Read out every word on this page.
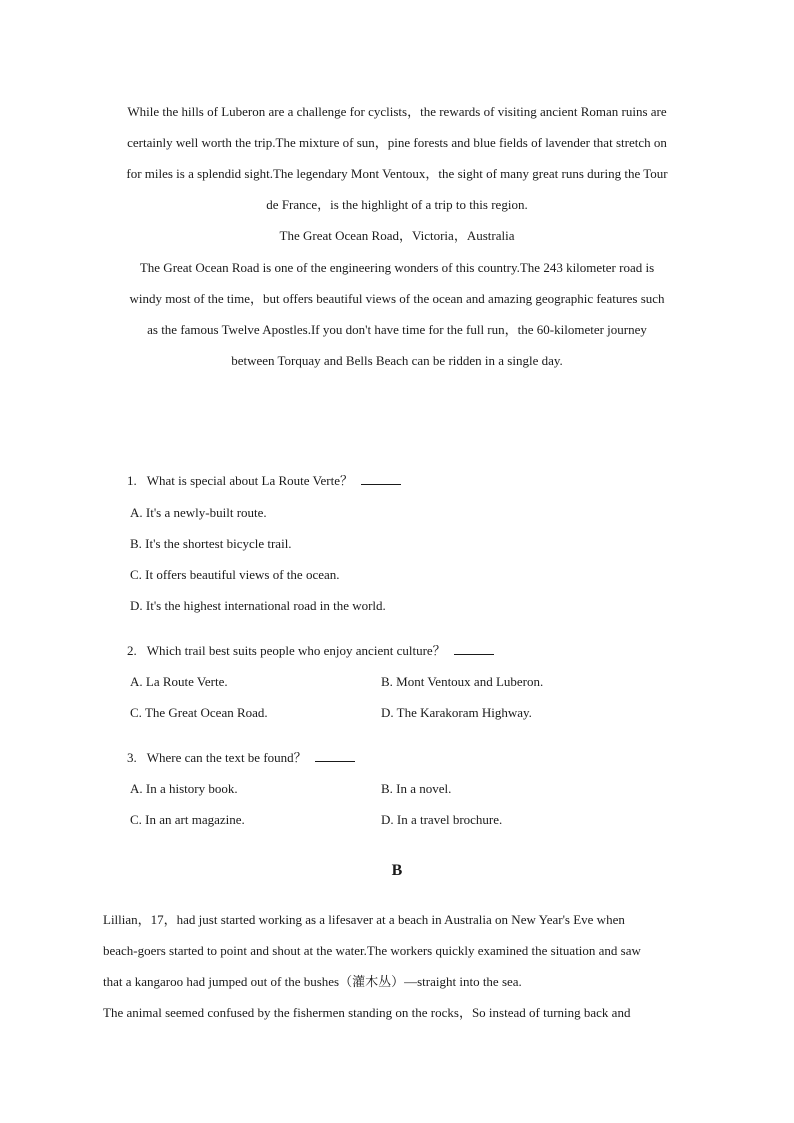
While the hills of Luberon are a challenge for cyclists，the rewards of visiting ancient Roman ruins are
certainly well worth the trip.The mixture of sun，pine forests and blue fields of lavender that stretch on
for miles is a splendid sight.The legendary Mont Ventoux，the sight of many great runs during the Tour
de France，is the highlight of a trip to this region.
The Great Ocean Road，Victoria，Australia
The Great Ocean Road is one of the engineering wonders of this country.The 243 kilometer road is
windy most of the time，but offers beautiful views of the ocean and amazing geographic features such
as the famous Twelve Apostles.If you don't have time for the full run，the 60-kilometer journey
between Torquay and Bells Beach can be ridden in a single day.
1. What is special about La Route Verte？
A. It's a newly-built route.
B. It's the shortest bicycle trail.
C. It offers beautiful views of the ocean.
D. It's the highest international road in the world.
2. Which trail best suits people who enjoy ancient culture？
A. La Route Verte.	B. Mont Ventoux and Luberon.
C. The Great Ocean Road.	D. The Karakoram Highway.
3. Where can the text be found？
A. In a history book.	B. In a novel.
C. In an art magazine.	D. In a travel brochure.
B
Lillian，17，had just started working as a lifesaver at a beach in Australia on New Year's Eve when
beach-goers started to point and shout at the water.The workers quickly examined the situation and saw
that a kangaroo had jumped out of the bushes（灌木丛）—straight into the sea.
The animal seemed confused by the fishermen standing on the rocks，So instead of turning back and
